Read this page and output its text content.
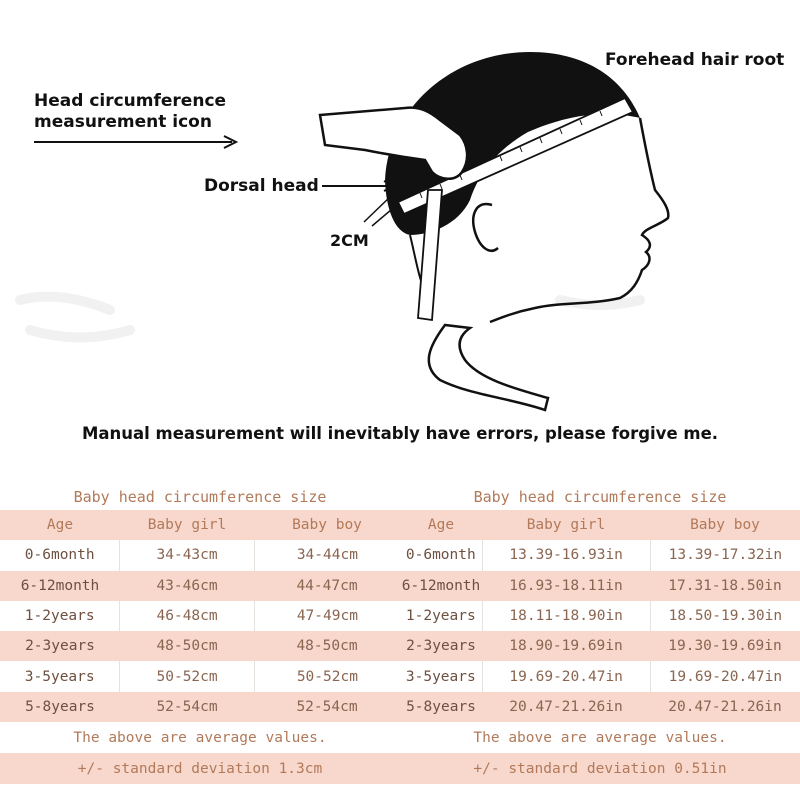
Head circumference
measurement icon
Forehead hair root
Dorsal head
2CM
Manual measurement will inevitably have errors, please forgive me.
Baby head circumference size
Age	Baby girl	Baby boy
0-6month	34-43cm	34-44cm
6-12month	43-46cm	44-47cm
1-2years	46-48cm	47-49cm
2-3years	48-50cm	48-50cm
3-5years	50-52cm	50-52cm
5-8years	52-54cm	52-54cm
The above are average values.
+/- standard deviation 1.3cm
Baby head circumference size
Age	Baby girl	Baby boy
0-6month	13.39-16.93in	13.39-17.32in
6-12month	16.93-18.11in	17.31-18.50in
1-2years	18.11-18.90in	18.50-19.30in
2-3years	18.90-19.69in	19.30-19.69in
3-5years	19.69-20.47in	19.69-20.47in
5-8years	20.47-21.26in	20.47-21.26in
The above are average values.
+/- standard deviation 0.51in
